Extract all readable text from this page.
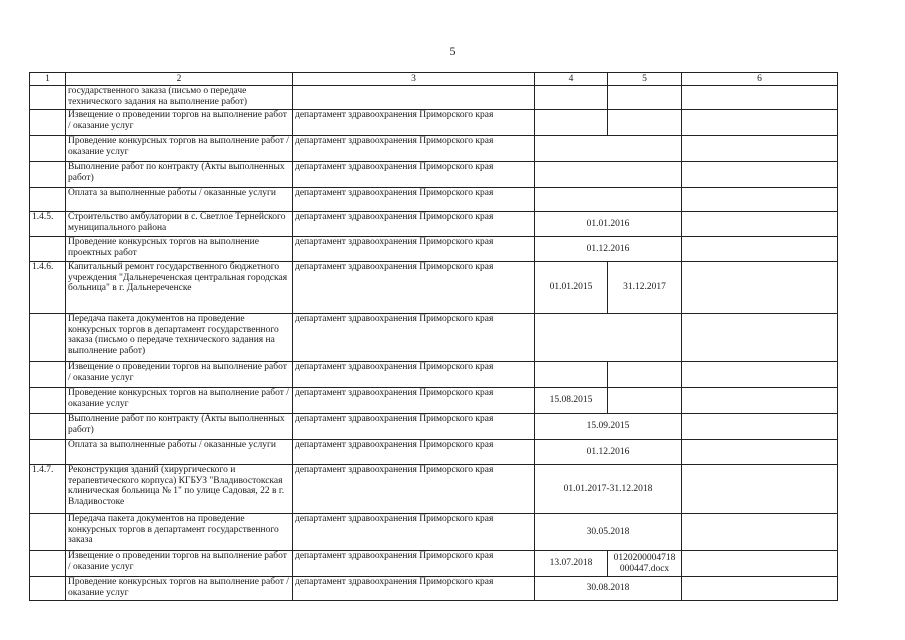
5
1	2	3	4	5	6
	государственного заказа (письмо о передаче технического задания на выполнение работ)				
	Извещение о проведении торгов на выполнение работ / оказание услуг	департамент здравоохранения Приморского края			
	Проведение конкурсных торгов на выполнение работ / оказание услуг	департамент здравоохранения Приморского края			
	Выполнение работ по контракту (Акты выполненных работ)	департамент здравоохранения Приморского края			
	Оплата за выполненные работы / оказанные услуги	департамент здравоохранения Приморского края			
1.4.5.	Строительство амбулатории в с. Светлое Тернейского муниципального района	департамент здравоохранения Приморского края	01.01.2016		
	Проведение конкурсных торгов на выполнение проектных работ	департамент здравоохранения Приморского края	01.12.2016		
1.4.6.	Капитальный ремонт государственного бюджетного учреждения "Дальнереченская центральная городская больница" в г. Дальнереченске	департамент здравоохранения Приморского края	01.01.2015	31.12.2017	
	Передача пакета документов на проведение конкурсных торгов в департамент государственного заказа (письмо о передаче технического задания на выполнение работ)	департамент здравоохранения Приморского края			
	Извещение о проведении торгов на выполнение работ / оказание услуг	департамент здравоохранения Приморского края			
	Проведение конкурсных торгов на выполнение работ / оказание услуг	департамент здравоохранения Приморского края	15.08.2015		
	Выполнение работ по контракту (Акты выполненных работ)	департамент здравоохранения Приморского края	15.09.2015		
	Оплата за выполненные работы / оказанные услуги	департамент здравоохранения Приморского края	01.12.2016		
1.4.7.	Реконструкция зданий (хирургического и терапевтического корпуса) КГБУЗ "Владивостокская клиническая больница № 1" по улице Садовая, 22 в г. Владивостоке	департамент здравоохранения Приморского края	01.01.2017-31.12.2018		
	Передача пакета документов на проведение конкурсных торгов в департамент государственного заказа	департамент здравоохранения Приморского края	30.05.2018		
	Извещение о проведении торгов на выполнение работ / оказание услуг	департамент здравоохранения Приморского края	13.07.2018	0120200004718 000447.docx	
	Проведение конкурсных торгов на выполнение работ / оказание услуг	департамент здравоохранения Приморского края	30.08.2018		
